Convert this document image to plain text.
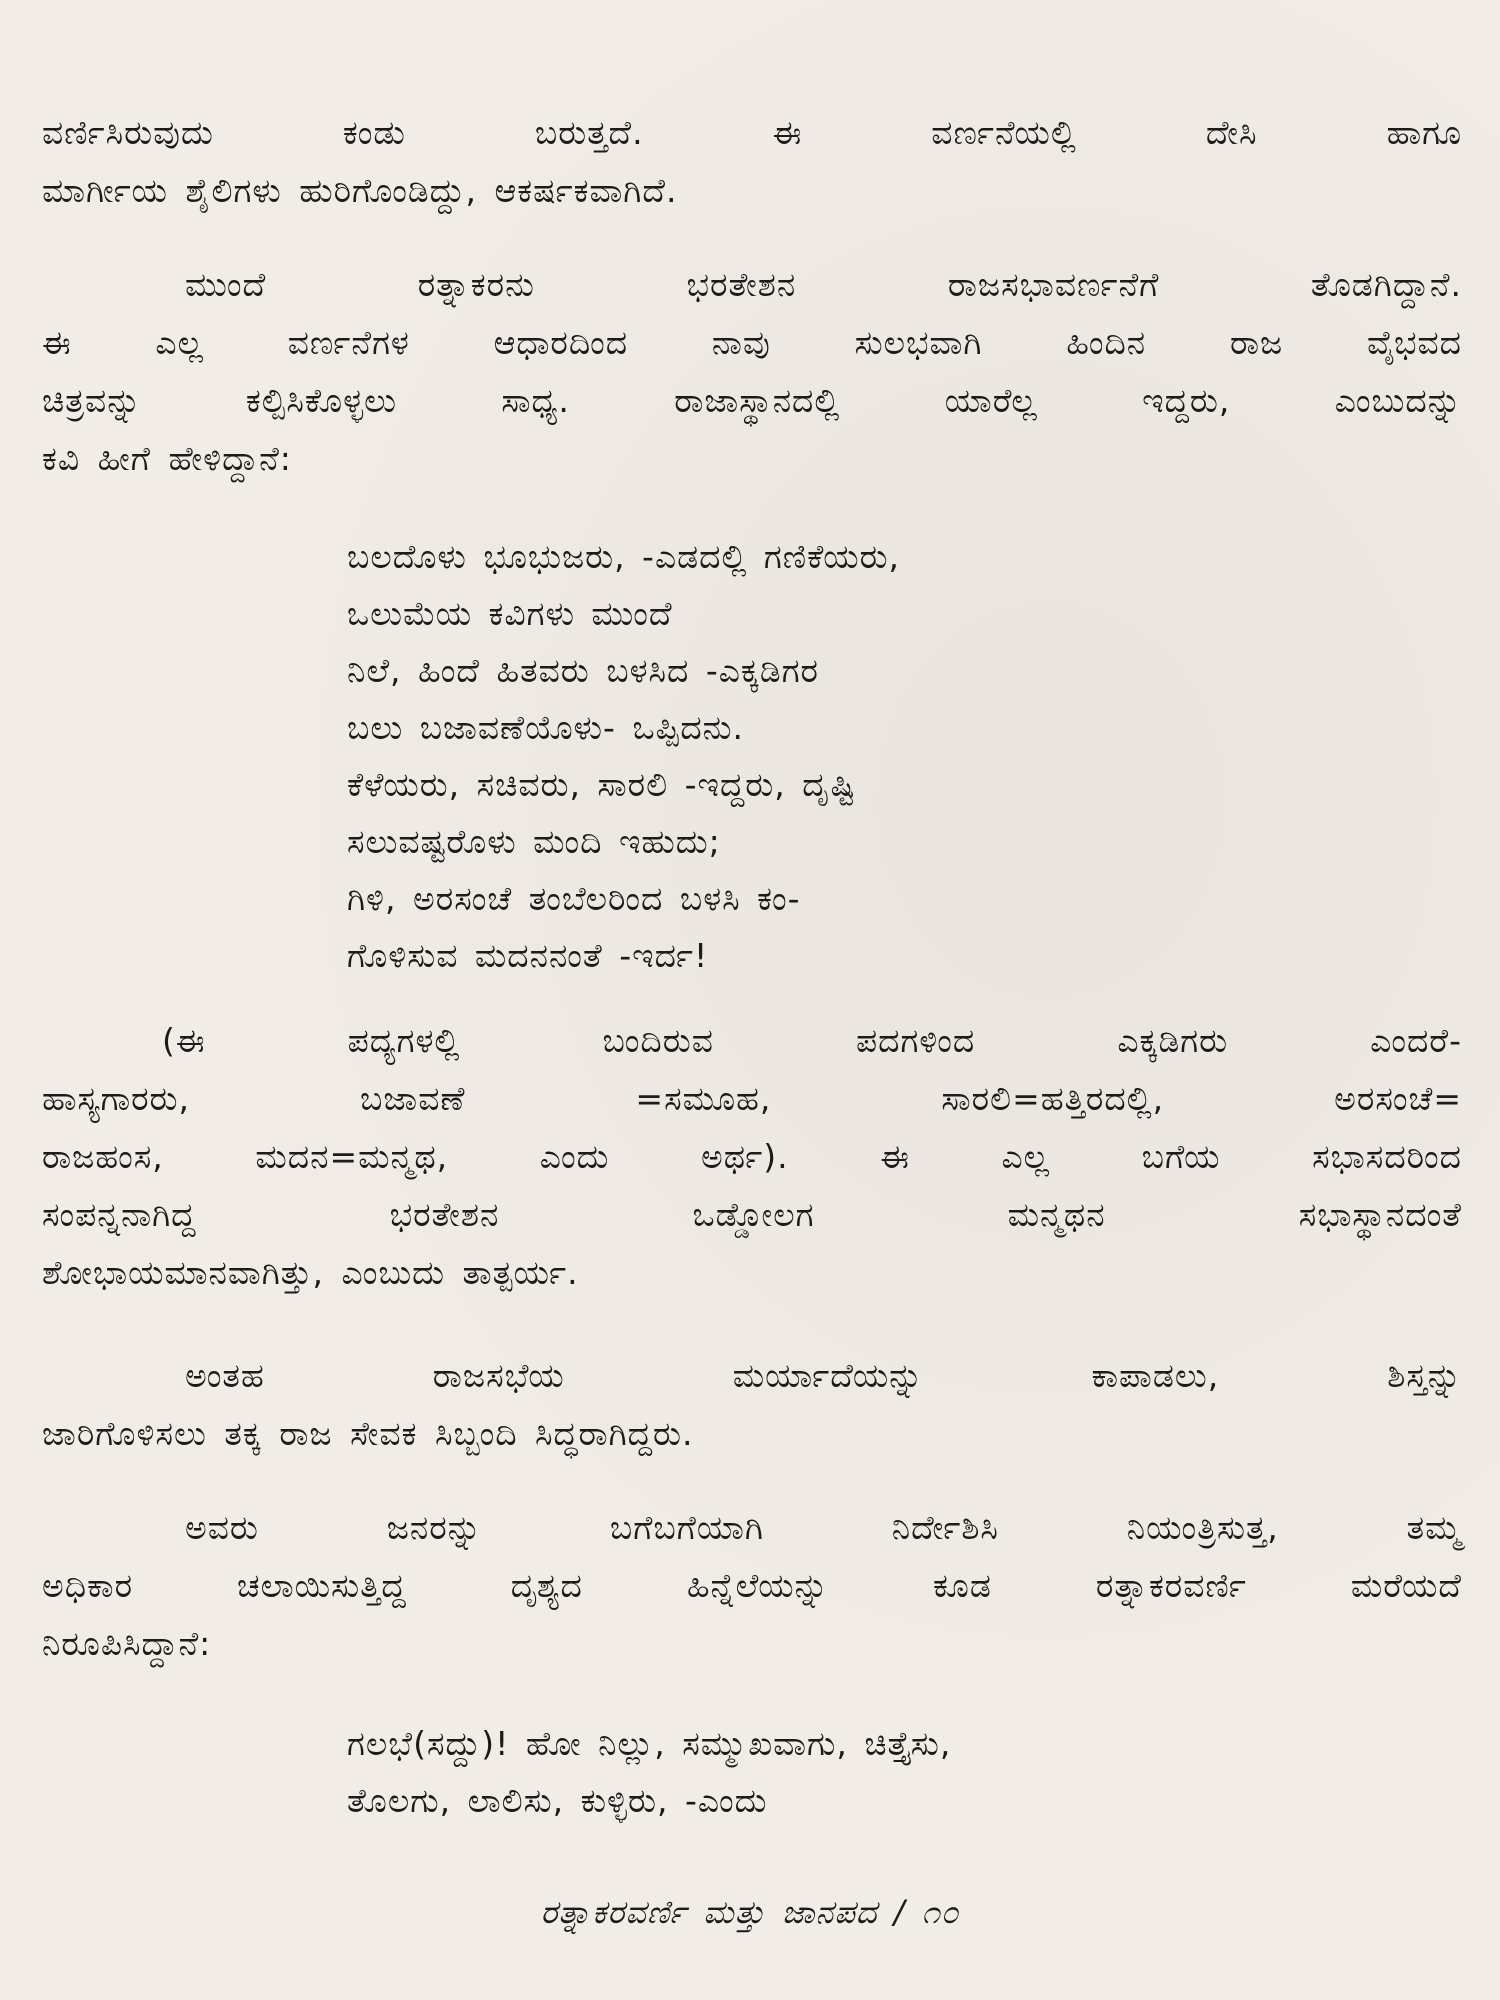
ವರ್ಣಿಸಿರುವುದು ಕಂಡು ಬರುತ್ತದೆ. ಈ ವರ್ಣನೆಯಲ್ಲಿ ದೇಸಿ ಹಾಗೂ
ಮಾರ್ಗೀಯ ಶೈಲಿಗಳು ಹುರಿಗೊಂಡಿದ್ದು, ಆಕರ್ಷಕವಾಗಿದೆ.

ಮುಂದೆ ರತ್ನಾಕರನು ಭರತೇಶನ ರಾಜಸಭಾವರ್ಣನೆಗೆ ತೊಡಗಿದ್ದಾನೆ.
ಈ ಎಲ್ಲ ವರ್ಣನೆಗಳ ಆಧಾರದಿಂದ ನಾವು ಸುಲಭವಾಗಿ ಹಿಂದಿನ ರಾಜ ವೈಭವದ
ಚಿತ್ರವನ್ನು ಕಲ್ಪಿಸಿಕೊಳ್ಳಲು ಸಾಧ್ಯ. ರಾಜಾಸ್ಥಾನದಲ್ಲಿ ಯಾರೆಲ್ಲ ಇದ್ದರು, ಎಂಬುದನ್ನು
ಕವಿ ಹೀಗೆ ಹೇಳಿದ್ದಾನೆ:

ಬಲದೊಳು ಭೂಭುಜರು, -ಎಡದಲ್ಲಿ ಗಣಿಕೆಯರು,
ಒಲುಮೆಯ ಕವಿಗಳು ಮುಂದೆ
ನಿಲೆ, ಹಿಂದೆ ಹಿತವರು ಬಳಸಿದ -ಎಕ್ಕಡಿಗರ
ಬಲು ಬಜಾವಣೆಯೊಳು- ಒಪ್ಪಿದನು.
ಕೆಳೆಯರು, ಸಚಿವರು, ಸಾರಲಿ -ಇದ್ದರು, ದೃಷ್ಟಿ
ಸಲುವಷ್ಟರೊಳು ಮಂದಿ ಇಹುದು;
ಗಿಳಿ, ಅರಸಂಚೆ ತಂಬೆಲರಿಂದ ಬಳಸಿ ಕಂ-
ಗೊಳಿಸುವ ಮದನನಂತೆ -ಇರ್ದ!

(ಈ ಪದ್ಯಗಳಲ್ಲಿ ಬಂದಿರುವ ಪದಗಳಿಂದ ಎಕ್ಕಡಿಗರು ಎಂದರೆ-
ಹಾಸ್ಯಗಾರರು, ಬಜಾವಣೆ =ಸಮೂಹ, ಸಾರಲಿ=ಹತ್ತಿರದಲ್ಲಿ, ಅರಸಂಚೆ=
ರಾಜಹಂಸ, ಮದನ=ಮನ್ಮಥ, ಎಂದು ಅರ್ಥ). ಈ ಎಲ್ಲ ಬಗೆಯ ಸಭಾಸದರಿಂದ
ಸಂಪನ್ನನಾಗಿದ್ದ ಭರತೇಶನ ಒಡ್ಡೋಲಗ ಮನ್ಮಥನ ಸಭಾಸ್ಥಾನದಂತೆ
ಶೋಭಾಯಮಾನವಾಗಿತ್ತು, ಎಂಬುದು ತಾತ್ಪರ್ಯ.

ಅಂತಹ ರಾಜಸಭೆಯ ಮರ್ಯಾದೆಯನ್ನು ಕಾಪಾಡಲು, ಶಿಸ್ತನ್ನು
ಜಾರಿಗೊಳಿಸಲು ತಕ್ಕ ರಾಜ ಸೇವಕ ಸಿಬ್ಬಂದಿ ಸಿದ್ಧರಾಗಿದ್ದರು.

ಅವರು ಜನರನ್ನು ಬಗೆಬಗೆಯಾಗಿ ನಿರ್ದೇಶಿಸಿ ನಿಯಂತ್ರಿಸುತ್ತ, ತಮ್ಮ
ಅಧಿಕಾರ ಚಲಾಯಿಸುತ್ತಿದ್ದ ದೃಶ್ಯದ ಹಿನ್ನೆಲೆಯನ್ನು ಕೂಡ ರತ್ನಾಕರವರ್ಣಿ ಮರೆಯದೆ
ನಿರೂಪಿಸಿದ್ದಾನೆ:

ಗಲಭೆ(ಸದ್ದು)! ಹೋ ನಿಲ್ಲು, ಸಮ್ಮುಖವಾಗು, ಚಿತ್ತೈಸು,
ತೊಲಗು, ಲಾಲಿಸು, ಕುಳ್ಳಿರು, -ಎಂದು
ರತ್ನಾಕರವರ್ಣಿ ಮತ್ತು ಜಾನಪದ / ೧೦
